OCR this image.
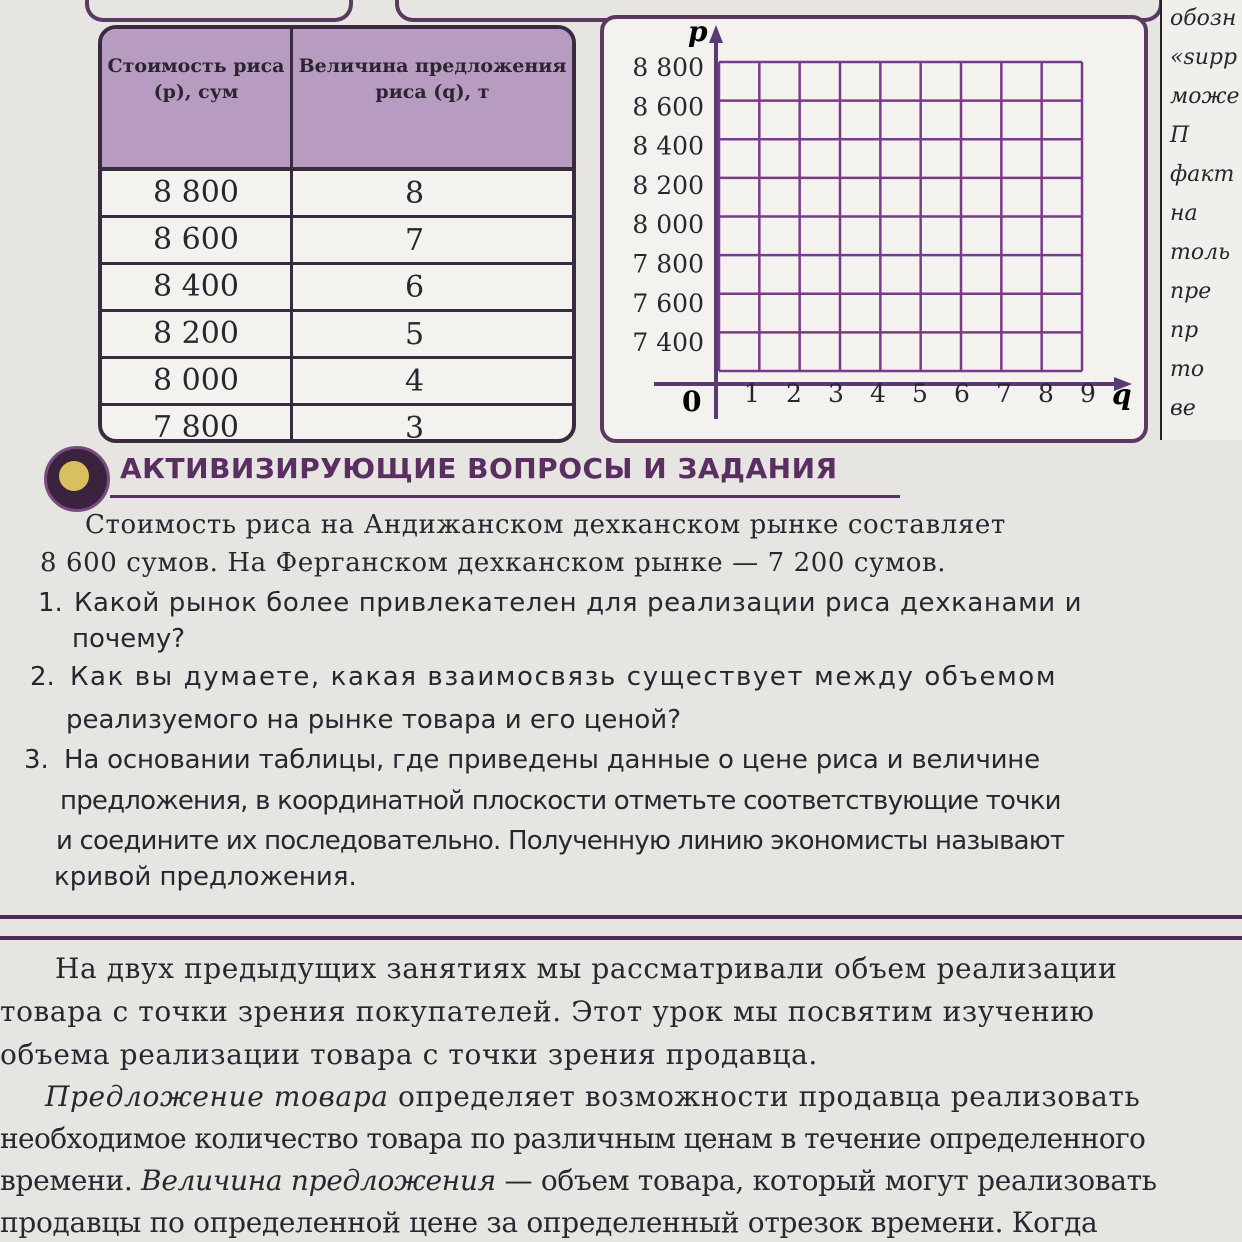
Стоимость риса (р), сум
Величина предложения риса (q), т
8 800	8
8 600	7
8 400	6
8 200	5
8 000	4
7 800	3
8 800
8 600
8 400
8 200
8 000
7 800
7 600
7 400
1 2 3 4 5 6 7 8 9
0
p
q
обозн
«supp
може
П
факт
на
толь
пре
пр
то
ве
АКТИВИЗИРУЮЩИЕ ВОПРОСЫ И ЗАДАНИЯ
Стоимость риса на Андижанском дехканском рынке составляет
8 600 сумов. На Ферганском дехканском рынке — 7 200 сумов.
1. Какой рынок более привлекателен для реализации риса дехканами и
почему?
2. Как вы думаете, какая взаимосвязь существует между объемом
реализуемого на рынке товара и его ценой?
3. На основании таблицы, где приведены данные о цене риса и величине
предложения, в координатной плоскости отметьте соответствующие точки
и соедините их последовательно. Полученную линию экономисты называют
кривой предложения.
На двух предыдущих занятиях мы рассматривали объем реализации
товара с точки зрения покупателей. Этот урок мы посвятим изучению
объема реализации товара с точки зрения продавца.
Предложение товара определяет возможности продавца реализовать
необходимое количество товара по различным ценам в течение определенного
времени. Величина предложения — объем товара, который могут реализовать
продавцы по определенной цене за определенный отрезок времени. Когда
